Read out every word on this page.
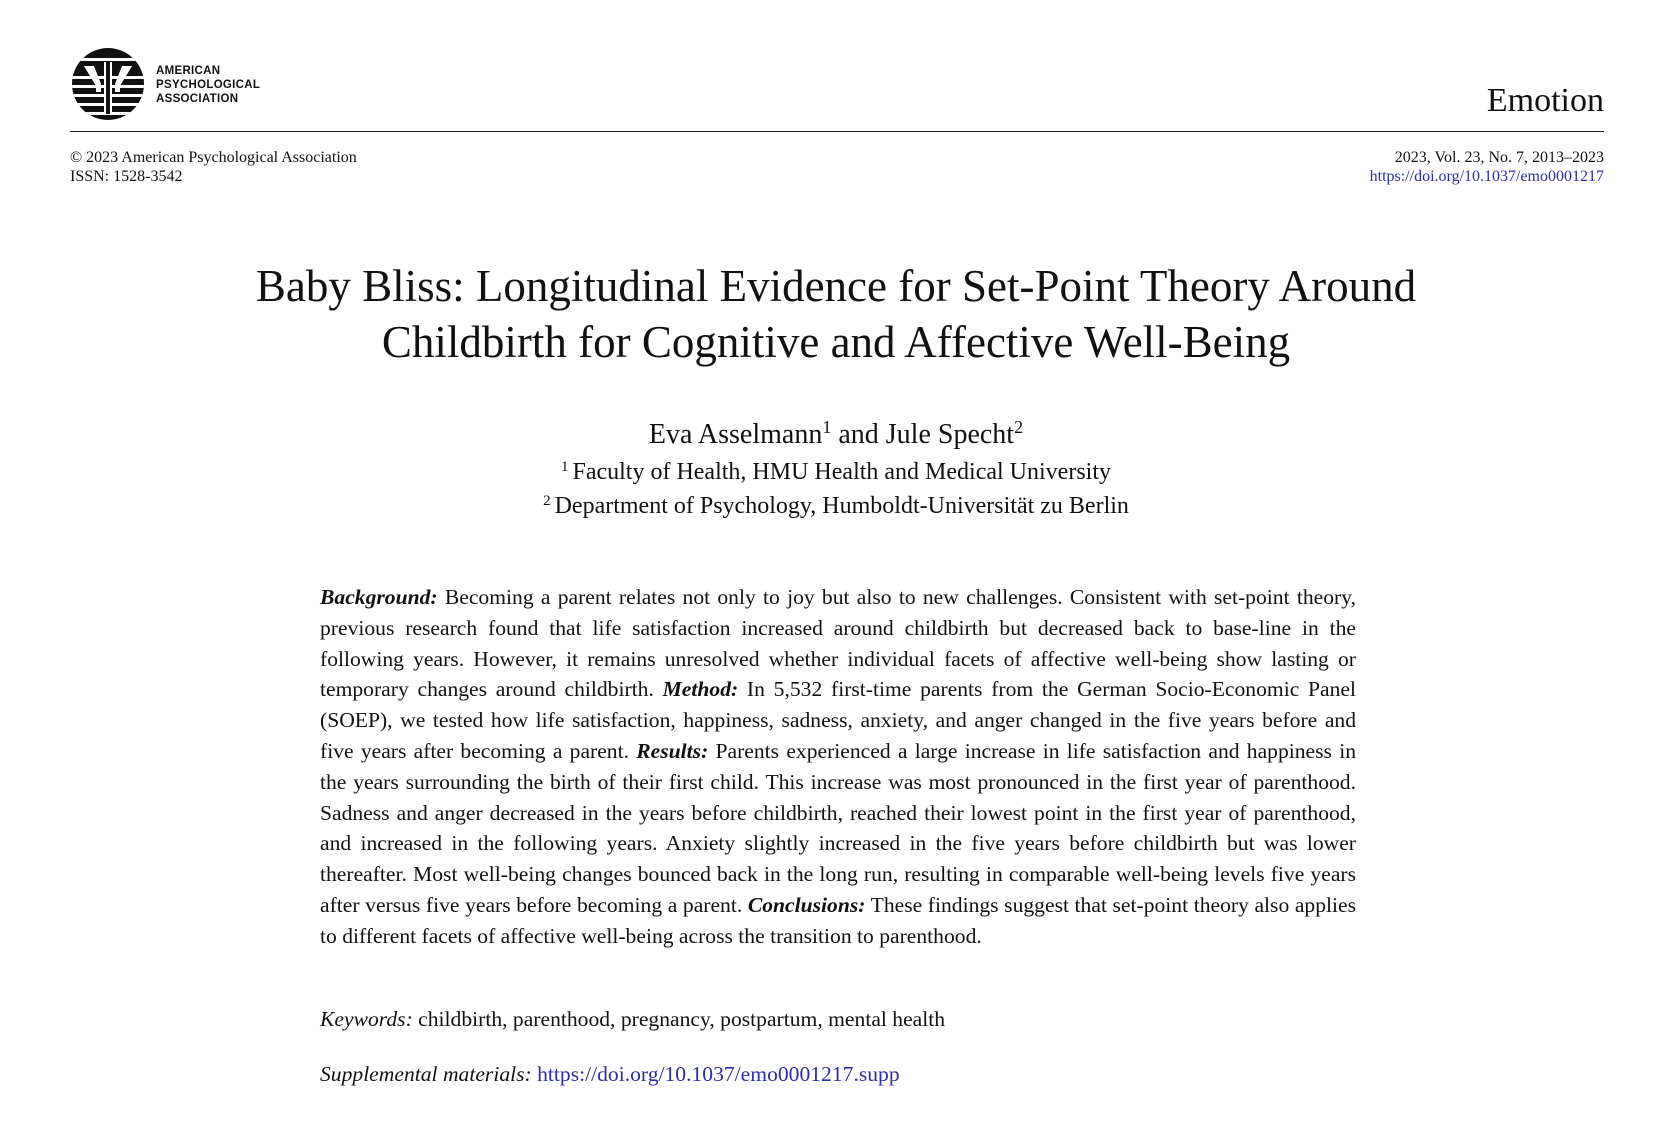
AMERICAN
PSYCHOLOGICAL
ASSOCIATION	Emotion
© 2023 American Psychological Association
ISSN: 1528-3542
2023, Vol. 23, No. 7, 2013–2023
https://doi.org/10.1037/emo0001217
Baby Bliss: Longitudinal Evidence for Set-Point Theory Around
Childbirth for Cognitive and Affective Well-Being
Eva Asselmann$^1$ and Jule Specht$^2$
$^1$ Faculty of Health, HMU Health and Medical University
$^2$ Department of Psychology, Humboldt-Universität zu Berlin

Background: Becoming a parent relates not only to joy but also to new challenges. Consistent with set-point theory, previous research found that life satisfaction increased around childbirth but decreased back to base-line in the following years. However, it remains unresolved whether individual facets of affective well-being show lasting or temporary changes around childbirth. Method: In 5,532 first-time parents from the German Socio-Economic Panel (SOEP), we tested how life satisfaction, happiness, sadness, anxiety, and anger changed in the five years before and five years after becoming a parent. Results: Parents experienced a large increase in life satisfaction and happiness in the years surrounding the birth of their first child. This increase was most pronounced in the first year of parenthood. Sadness and anger decreased in the years before childbirth, reached their lowest point in the first year of parenthood, and increased in the following years. Anxiety slightly increased in the five years before childbirth but was lower thereafter. Most well-being changes bounced back in the long run, resulting in comparable well-being levels five years after versus five years before becoming a parent. Conclusions: These findings suggest that set-point theory also applies to different facets of affective well-being across the transition to parenthood.

Keywords: childbirth, parenthood, pregnancy, postpartum, mental health

Supplemental materials: https://doi.org/10.1037/emo0001217.supp
